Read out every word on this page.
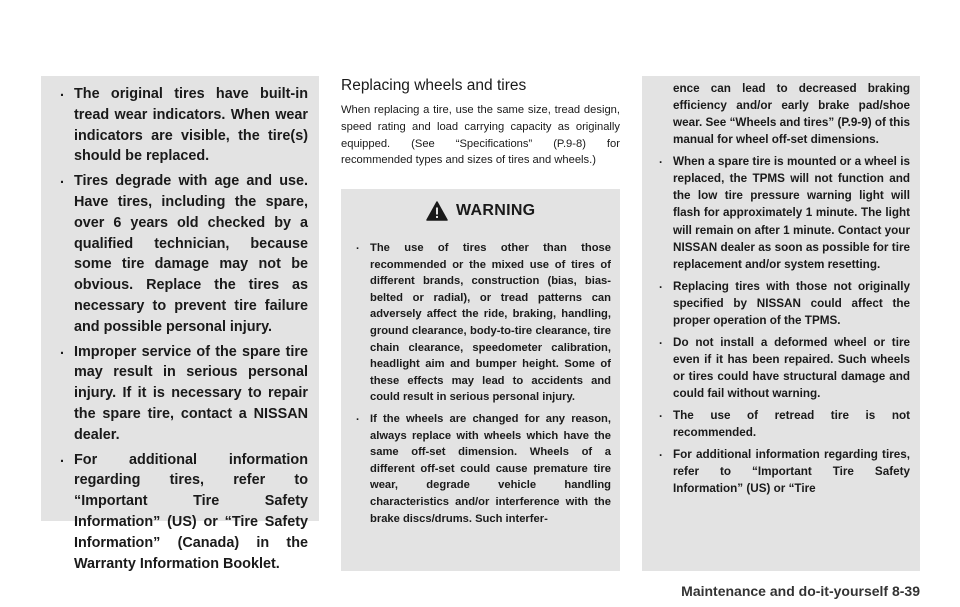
. The original tires have built-in tread wear indicators. When wear indicators are visible, the tire(s) should be replaced.
. Tires degrade with age and use. Have tires, including the spare, over 6 years old checked by a qualified technician, because some tire damage may not be obvious. Replace the tires as necessary to prevent tire failure and possible personal injury.
. Improper service of the spare tire may result in serious personal injury. If it is necessary to repair the spare tire, contact a NISSAN dealer.
. For additional information regarding tires, refer to “Important Tire Safety Information” (US) or “Tire Safety Information” (Canada) in the Warranty Information Booklet.
Replacing wheels and tires

When replacing a tire, use the same size, tread design, speed rating and load carrying capacity as originally equipped. (See “Specifications” (P.9-8) for recommended types and sizes of tires and wheels.)

WARNING
. The use of tires other than those recommended or the mixed use of tires of different brands, construction (bias, bias-belted or radial), or tread patterns can adversely affect the ride, braking, handling, ground clearance, body-to-tire clearance, tire chain clearance, speedometer calibration, headlight aim and bumper height. Some of these effects may lead to accidents and could result in serious personal injury.
. If the wheels are changed for any reason, always replace with wheels which have the same off-set dimension. Wheels of a different off-set could cause premature tire wear, degrade vehicle handling characteristics and/or interference with the brake discs/drums. Such interfer-
ence can lead to decreased braking efficiency and/or early brake pad/shoe wear. See “Wheels and tires” (P.9-9) of this manual for wheel off-set dimensions.
. When a spare tire is mounted or a wheel is replaced, the TPMS will not function and the low tire pressure warning light will flash for approximately 1 minute. The light will remain on after 1 minute. Contact your NISSAN dealer as soon as possible for tire replacement and/or system resetting.
. Replacing tires with those not originally specified by NISSAN could affect the proper operation of the TPMS.
. Do not install a deformed wheel or tire even if it has been repaired. Such wheels or tires could have structural damage and could fail without warning.
. The use of retread tire is not recommended.
. For additional information regarding tires, refer to “Important Tire Safety Information” (US) or “Tire
Maintenance and do-it-yourself 8-39
